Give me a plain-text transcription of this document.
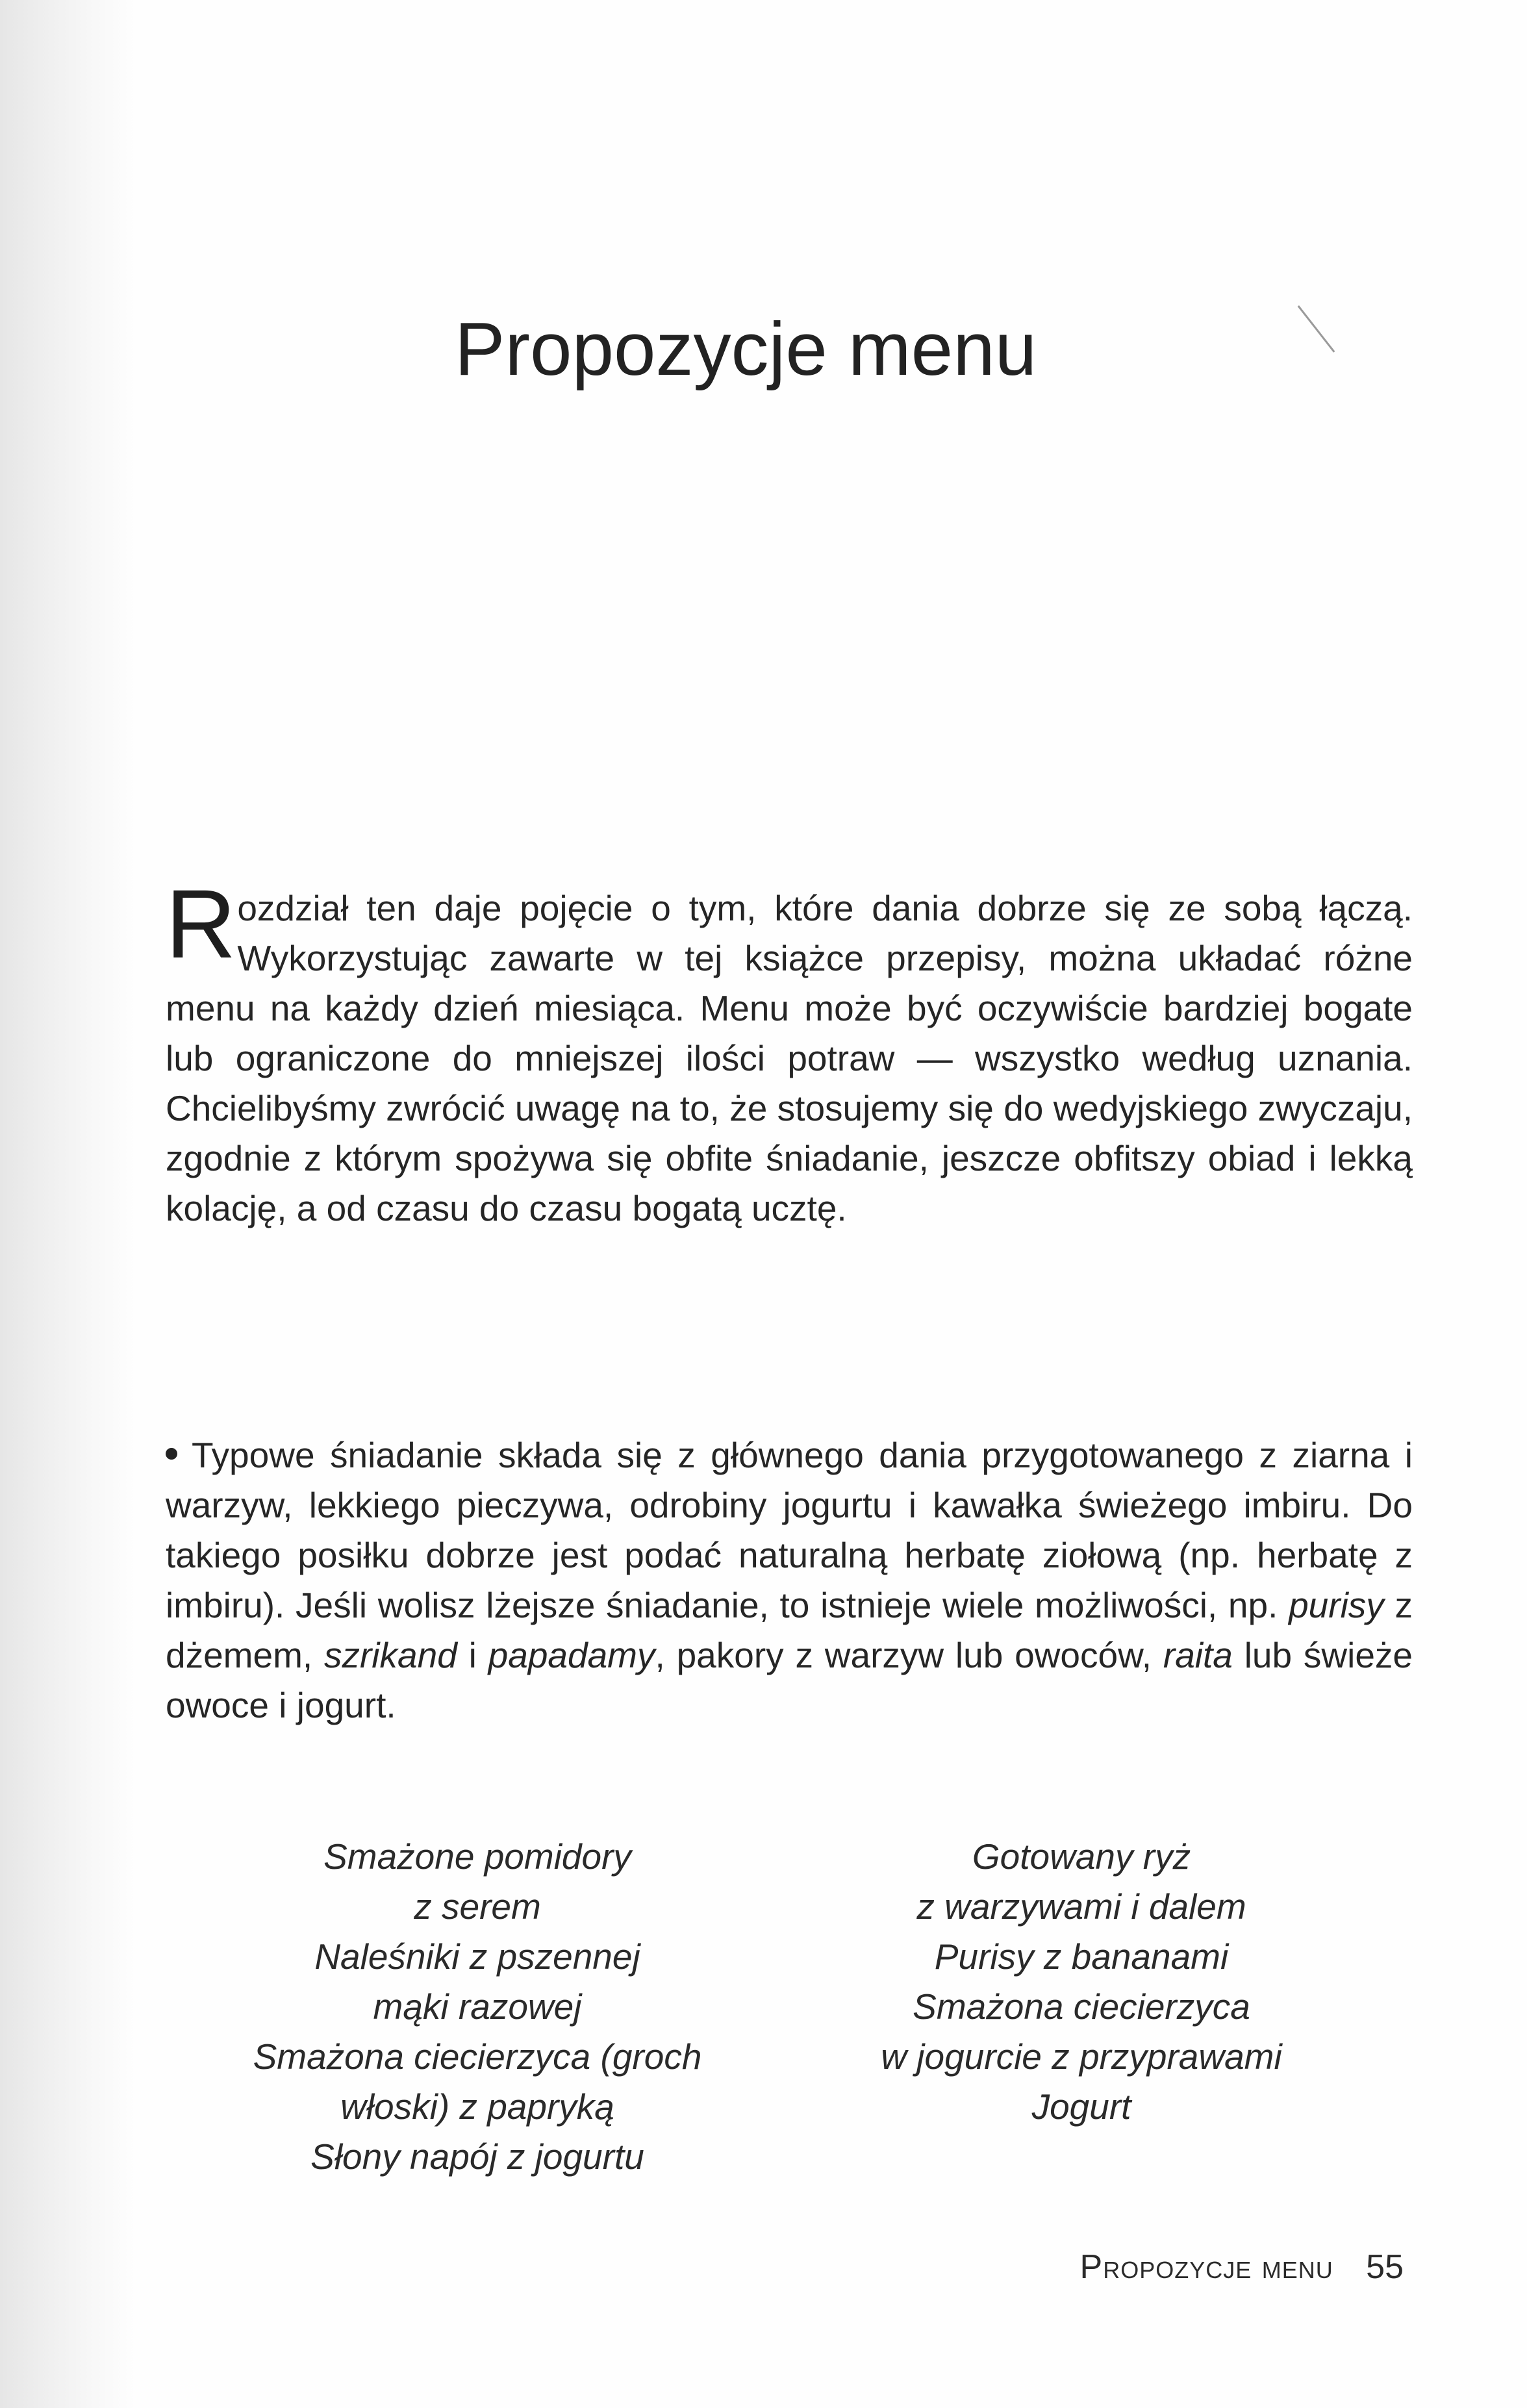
Propozycje menu

Rozdział ten daje pojęcie o tym, które dania dobrze się ze sobą łączą. Wykorzystując zawarte w tej książce przepisy, można układać różne menu na każdy dzień miesiąca. Menu może być oczywiście bardziej bogate lub ograniczone do mniejszej ilości potraw — wszystko według uznania. Chcielibyśmy zwrócić uwagę na to, że stosujemy się do wedyjskiego zwyczaju, zgodnie z którym spożywa się obfite śniadanie, jeszcze obfitszy obiad i lekką kolację, a od czasu do czasu bogatą ucztę.

Typowe śniadanie składa się z głównego dania przygotowanego z ziarna i warzyw, lekkiego pieczywa, odrobiny jogurtu i kawałka świeżego imbiru. Do takiego posiłku dobrze jest podać naturalną herbatę ziołową (np. herbatę z imbiru). Jeśli wolisz lżejsze śniadanie, to istnieje wiele możliwości, np. purisy z dżemem, szrikand i papadamy, pakory z warzyw lub owoców, raita lub świeże owoce i jogurt.

Smażone pomidory
z serem
Naleśniki z pszennej
mąki razowej
Smażona ciecierzyca (groch
włoski) z papryką
Słony napój z jogurtu
Gotowany ryż
z warzywami i dalem
Purisy z bananami
Smażona ciecierzyca
w jogurcie z przyprawami
Jogurt
Propozycje menu 55
